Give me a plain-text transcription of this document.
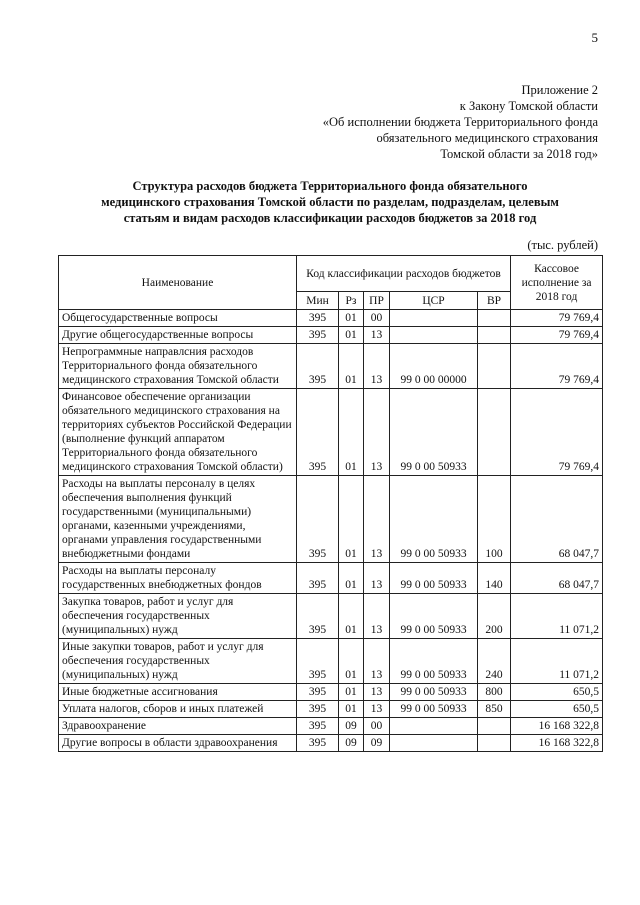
5
Приложение 2
к Закону Томской области
«Об исполнении бюджета Территориального фонда
обязательного медицинского страхования
Томской области за 2018 год»
Структура расходов бюджета Территориального фонда обязательного
медицинского страхования Томской области по разделам, подразделам, целевым
статьям и видам расходов классификации расходов бюджетов за 2018 год
(тыс. рублей)
Наименование	Код классификации расходов бюджетов					Кассовое исполнение за 2018 год
	Мин	Рз	ПР	ЦСР	ВР	
Общегосударственные вопросы	395	01	00			79 769,4
Другие общегосударственные вопросы	395	01	13			79 769,4
Непрограммные направлсния расходов Территориального фонда обязательного медицинского страхования Томской области	395	01	13	99 0 00 00000		79 769,4
Финансовое обеспечение организации обязательного медицинского страхования на территориях субъектов Российской Федерации (выполнение функций аппаратом Территориального фонда обязательного медицинского страхования Томской области)	395	01	13	99 0 00 50933		79 769,4
Расходы на выплаты персоналу в целях обеспечения выполнения функций государственными (муниципальными) органами, казенными учреждениями, органами управления государственными внебюджетными фондами	395	01	13	99 0 00 50933	100	68 047,7
Расходы на выплаты персоналу государственных внебюджетных фондов	395	01	13	99 0 00 50933	140	68 047,7
Закупка товаров, работ и услуг для обеспечения государственных (муниципальных) нужд	395	01	13	99 0 00 50933	200	11 071,2
Иные закупки товаров, работ и услуг для обеспечения государственных (муниципальных) нужд	395	01	13	99 0 00 50933	240	11 071,2
Иные бюджетные ассигнования	395	01	13	99 0 00 50933	800	650,5
Уплата налогов, сборов и иных платежей	395	01	13	99 0 00 50933	850	650,5
Здравоохранение	395	09	00			16 168 322,8
Другие вопросы в области здравоохранения	395	09	09			16 168 322,8
